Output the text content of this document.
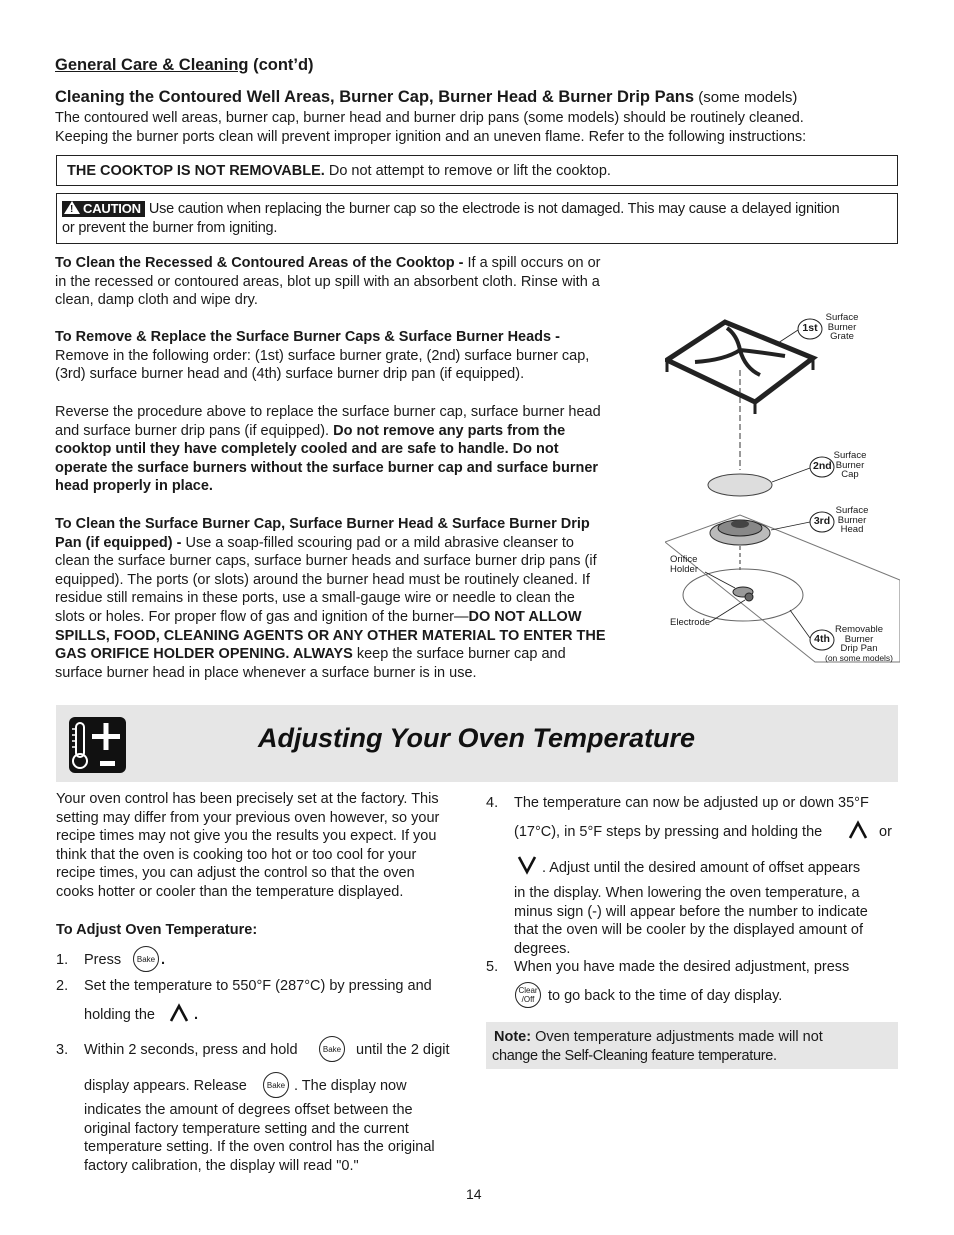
General Care & Cleaning (cont’d)
Cleaning the Contoured Well Areas, Burner Cap, Burner Head & Burner Drip Pans (some models)
The contoured well areas, burner cap, burner head and burner drip pans (some models) should be routinely cleaned.
Keeping the burner ports clean will prevent improper ignition and an uneven flame. Refer to the following instructions:
THE COOKTOP IS NOT REMOVABLE. Do not attempt to remove or lift the cooktop.
! CAUTION Use caution when replacing the burner cap so the electrode is not damaged. This may cause a delayed ignition
or prevent the burner from igniting.
To Clean the Recessed & Contoured Areas of the Cooktop - If a spill occurs on or
in the recessed or contoured areas, blot up spill with an absorbent cloth. Rinse with a
clean, damp cloth and wipe dry.
To Remove & Replace the Surface Burner Caps & Surface Burner Heads -
Remove in the following order: (1st) surface burner grate, (2nd) surface burner cap,
(3rd) surface burner head and (4th) surface burner drip pan (if equipped).
Reverse the procedure above to replace the surface burner cap, surface burner head
and surface burner drip pans (if equipped). Do not remove any parts from the
cooktop until they have completely cooled and are safe to handle. Do not
operate the surface burners without the surface burner cap and surface burner
head properly in place.
To Clean the Surface Burner Cap, Surface Burner Head & Surface Burner Drip
Pan (if equipped) - Use a soap-filled scouring pad or a mild abrasive cleanser to
clean the surface burner caps, surface burner heads and surface burner drip pans (if
equipped). The ports (or slots) around the burner head must be routinely cleaned. If
residue still remains in these ports, use a small-gauge wire or needle to clean the
slots or holes. For proper flow of gas and ignition of the burner—DO NOT ALLOW
SPILLS, FOOD, CLEANING AGENTS OR ANY OTHER MATERIAL TO ENTER THE
GAS ORIFICE HOLDER OPENING. ALWAYS keep the surface burner cap and
surface burner head in place whenever a surface burner is in use.
1st
2nd
3rd
4th
Surface
Burner
Grate
Surface
Burner
Cap
Surface
Burner
Head
Removable
Burner
Drip Pan
(on some models)
Orifice
Holder
Electrode
Adjusting Your Oven Temperature
Your oven control has been precisely set at the factory. This
setting may differ from your previous oven however, so your
recipe times may not give you the results you expect. If you
think that the oven is cooking too hot or too cool for your
recipe times, you can adjust the control so that the oven
cooks hotter or cooler than the temperature displayed.
To Adjust Oven Temperature:
1. Press	Bake .
2. Set the temperature to 550°F (287°C) by pressing and
holding the	.
3. Within 2 seconds, press and hold	Bake until the 2 digit
display appears. Release	Bake . The display now
indicates the amount of degrees offset between the
original factory temperature setting and the current
temperature setting. If the oven control has the original
factory calibration, the display will read "0."
4. The temperature can now be adjusted up or down 35°F
(17°C), in 5°F steps by pressing and holding the	or
. Adjust until the desired amount of offset appears
in the display. When lowering the oven temperature, a
minus sign (-) will appear before the number to indicate
that the oven will be cooler by the displayed amount of
degrees.
5. When you have made the desired adjustment, press
Clear
/Off to go back to the time of day display.
Note: Oven temperature adjustments made will not
change the Self-Cleaning feature temperature.
14
